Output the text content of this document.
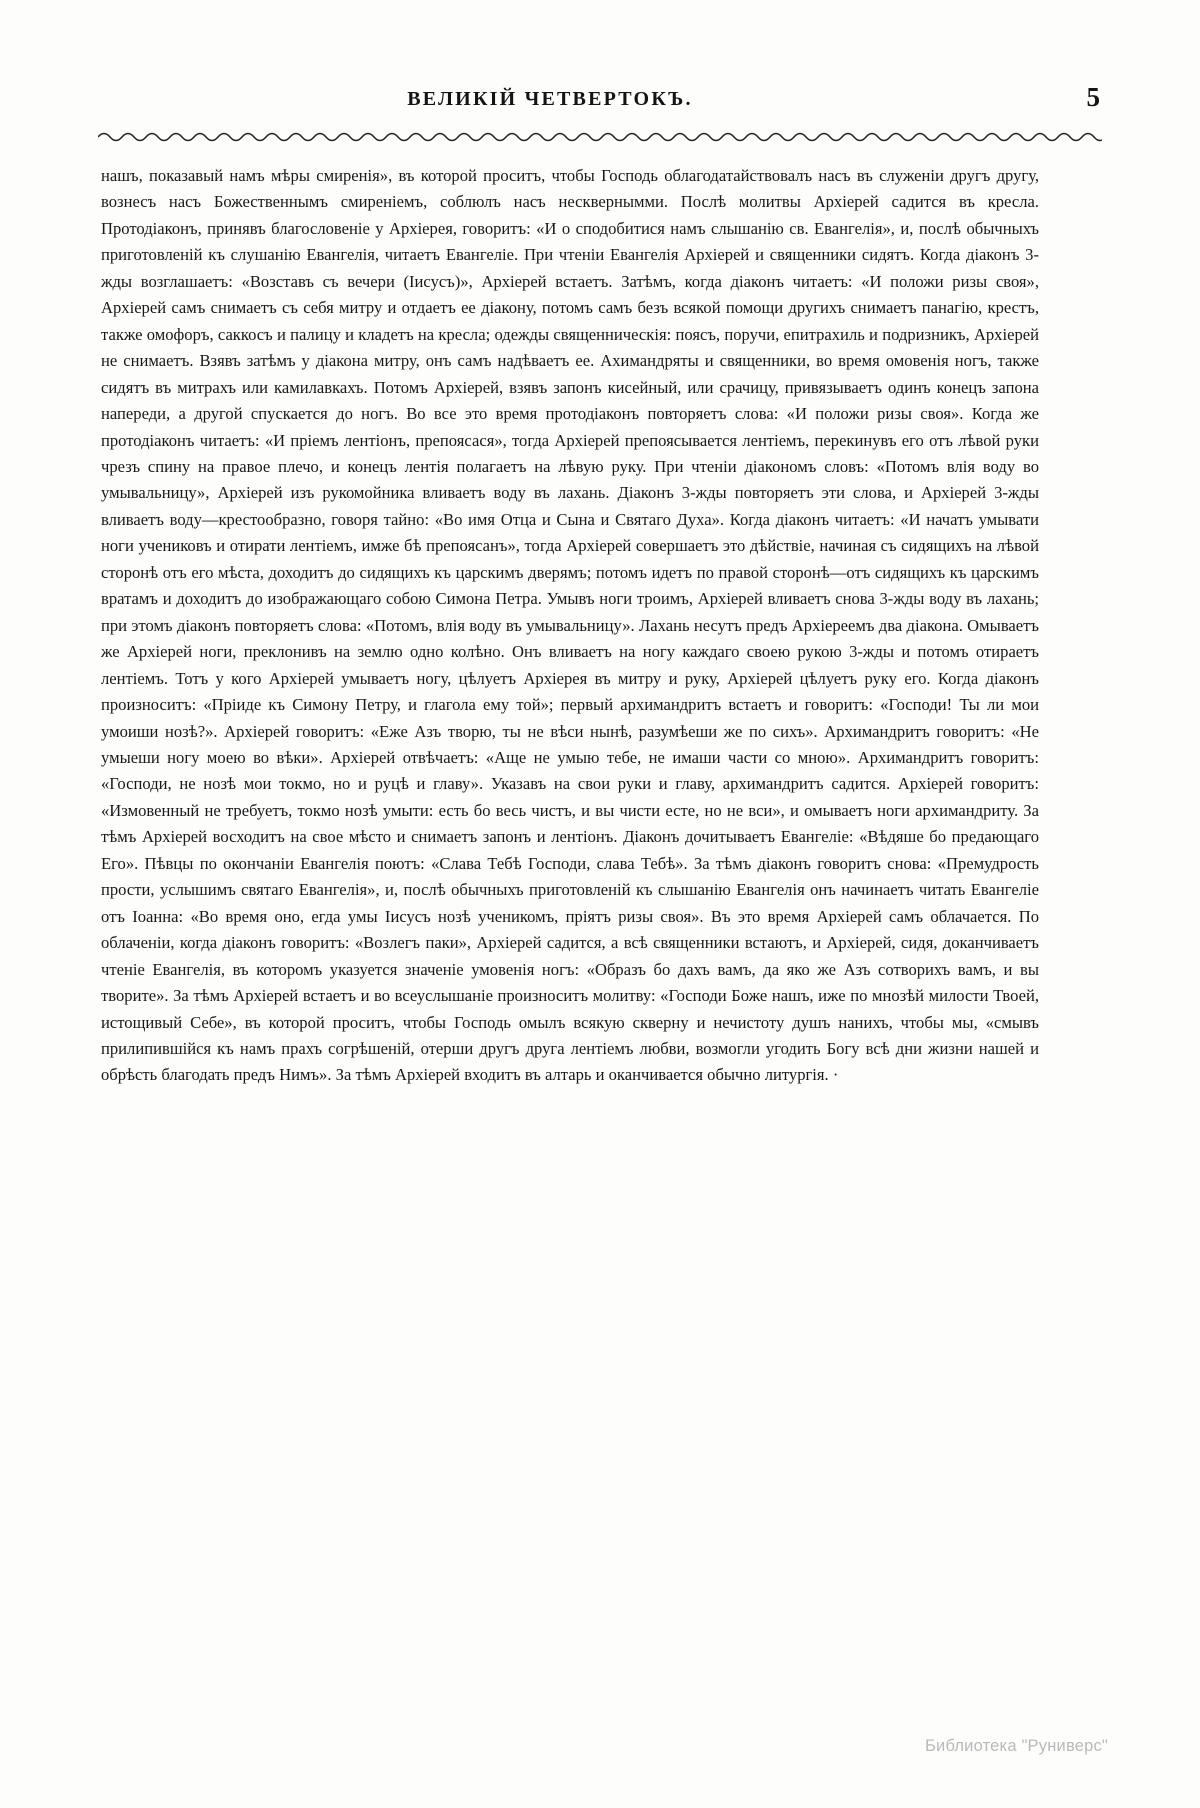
ВЕЛИКІЙ ЧЕТВЕРТОКЪ.	5

нашъ, показавый намъ мѣры смиренія», въ которой проситъ, чтобы Господь облагодатайствовалъ насъ въ служеніи другъ другу, вознесъ насъ Божественнымъ смиреніемъ, соблюлъ насъ несквернымми. Послѣ молитвы Архіерей садится въ кресла. Протодіаконъ, принявъ благословеніе у Архіерея, говоритъ: «И о сподобитися намъ слышанію св. Евангелія», и, послѣ обычныхъ приготовленій къ слушанію Евангелія, читаетъ Евангеліе. При чтеніи Евангелія Архіерей и священники сидятъ. Когда діаконъ 3-жды возглашаетъ: «Возставъ съ вечери (Іисусъ)», Архіерей встаетъ. Затѣмъ, когда діаконъ читаетъ: «И положи ризы своя», Архіерей самъ снимаетъ съ себя митру и отдаетъ ее діакону, потомъ самъ безъ всякой помощи другихъ снимаетъ панагію, крестъ, также омофоръ, саккосъ и палицу и кладетъ на кресла; одежды священническія: поясъ, поручи, епитрахиль и подризникъ, Архіерей не снимаетъ. Взявъ затѣмъ у діакона митру, онъ самъ надѣваетъ ее. Ахимандряты и священники, во время омовенія ногъ, также сидятъ въ митрахъ или камилавкахъ. Потомъ Архіерей, взявъ запонъ кисейный, или срачицу, привязываетъ одинъ конецъ запона напереди, а другой спускается до ногъ. Во все это время протодіаконъ повторяетъ слова: «И положи ризы своя». Когда же протодіаконъ читаетъ: «И пріемъ лентіонъ, препоясася», тогда Архіерей препоясывается лентіемъ, перекинувъ его отъ лѣвой руки чрезъ спину на правое плечо, и конецъ лентія полагаетъ на лѣвую руку. При чтеніи діакономъ словъ: «Потомъ влія воду во умывальницу», Архіерей изъ рукомойника вливаетъ воду въ лахань. Діаконъ 3-жды повторяетъ эти слова, и Архіерей 3-жды вливаетъ воду—крестообразно, говоря тайно: «Во имя Отца и Сына и Святаго Духа». Когда діаконъ читаетъ: «И начатъ умывати ноги учениковъ и отирати лентіемъ, имже бѣ препоясанъ», тогда Архіерей совершаетъ это дѣйствіе, начиная съ сидящихъ на лѣвой сторонѣ отъ его мѣста, доходитъ до сидящихъ къ царскимъ дверямъ; потомъ идетъ по правой сторонѣ—отъ сидящихъ къ царскимъ вратамъ и доходитъ до изображающаго собою Симона Петра. Умывъ ноги троимъ, Архіерей вливаетъ снова 3-жды воду въ лахань; при этомъ діаконъ повторяетъ слова: «Потомъ, влія воду въ умывальницу». Лахань несутъ предъ Архіереемъ два діакона. Омываетъ же Архіерей ноги, преклонивъ на землю одно колѣно. Онъ вливаетъ на ногу каждаго своею рукою 3-жды и потомъ отираетъ лентіемъ. Тотъ у кого Архіерей умываетъ ногу, цѣлуетъ Архіерея въ митру и руку, Архіерей цѣлуетъ руку его. Когда діаконъ произноситъ: «Пріиде къ Симону Петру, и глагола ему той»; первый архимандритъ встаетъ и говоритъ: «Господи! Ты ли мои умоиши нозѣ?». Архіерей говоритъ: «Еже Азъ творю, ты не вѣси нынѣ, разумѣеши же по сихъ». Архимандритъ говоритъ: «Не умыеши ногу моею во вѣки». Архіерей отвѣчаетъ: «Аще не умыю тебе, не имаши части со мною». Архимандритъ говоритъ: «Господи, не нозѣ мои токмо, но и руцѣ и главу». Указавъ на свои руки и главу, архимандритъ садится. Архіерей говоритъ: «Измовенный не требуетъ, токмо нозѣ умыти: есть бо весь чистъ, и вы чисти есте, но не вси», и омываетъ ноги архимандриту. За тѣмъ Архіерей восходитъ на свое мѣсто и снимаетъ запонъ и лентіонъ. Діаконъ дочитываетъ Евангеліе: «Вѣдяше бо предающаго Его». Пѣвцы по окончаніи Евангелія поютъ: «Слава Тебѣ Господи, слава Тебѣ». За тѣмъ діаконъ говоритъ снова: «Премудрость прости, услышимъ святаго Евангелія», и, послѣ обычныхъ приготовленій къ слышанію Евангелія онъ начинаетъ читать Евангеліе отъ Іоанна: «Во время оно, егда умы Іисусъ нозѣ ученикомъ, пріятъ ризы своя». Въ это время Архіерей самъ облачается. По облаченіи, когда діаконъ говоритъ: «Возлегъ паки», Архіерей садится, а всѣ священники встаютъ, и Архіерей, сидя, доканчиваетъ чтеніе Евангелія, въ которомъ указуется значеніе умовенія ногъ: «Образъ бо дахъ вамъ, да яко же Азъ сотворихъ вамъ, и вы творите». За тѣмъ Архіерей встаетъ и во всеуслышаніе произноситъ молитву: «Господи Боже нашъ, иже по мнозѣй милости Твоей, истощивый Себе», въ которой проситъ, чтобы Господь омылъ всякую скверну и нечистоту душъ нанихъ, чтобы мы, «смывъ прилипившійся къ намъ прахъ согрѣшеній, отерши другъ друга лентіемъ любви, возмогли угодить Богу всѣ дни жизни нашей и обрѣсть благодать предъ Нимъ». За тѣмъ Архіерей входитъ въ алтарь и оканчивается обычно литургія. ·

Библиотека "Руниверс"
